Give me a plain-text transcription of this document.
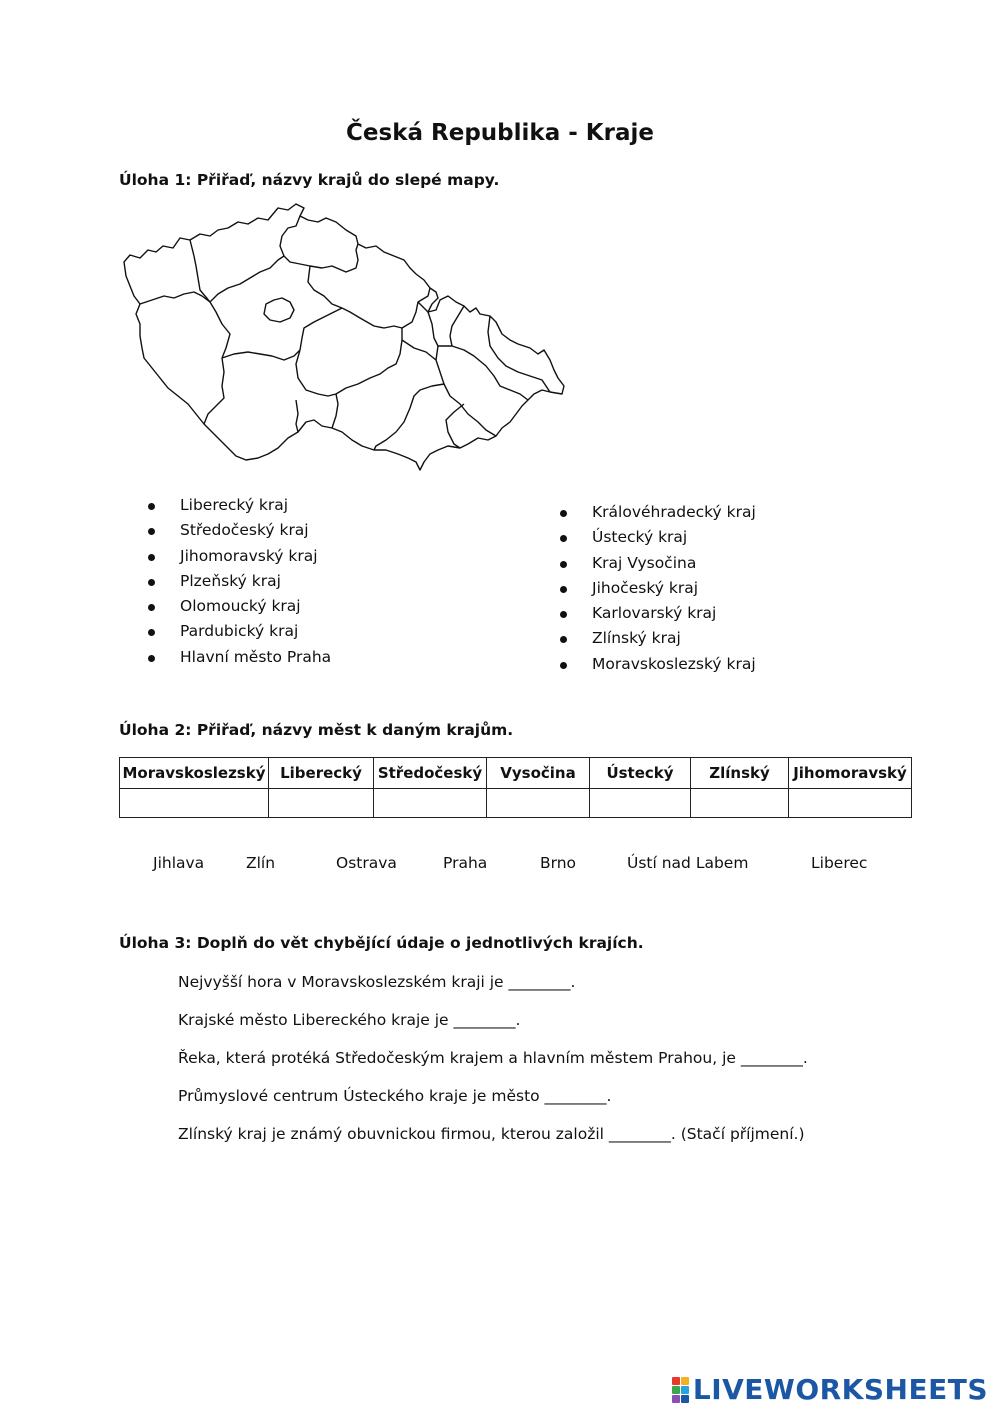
Česká Republika - Kraje
Úloha 1: Přiřaď, názvy krajů do slepé mapy.
Liberecký kraj
Středočeský kraj
Jihomoravský kraj
Plzeňský kraj
Olomoucký kraj
Pardubický kraj
Hlavní město Praha
Královéhradecký kraj
Ústecký kraj
Kraj Vysočina
Jihočeský kraj
Karlovarský kraj
Zlínský kraj
Moravskoslezský kraj
Úloha 2: Přiřaď, názvy měst k daným krajům.
Moravskoslezský	Liberecký	Středočeský	Vysočina	Ústecký	Zlínský	Jihomoravský

Jihlava	Zlín	Ostrava	Praha	Brno	Ústí nad Labem	Liberec
Úloha 3: Doplň do vět chybějící údaje o jednotlivých krajích.
Nejvyšší hora v Moravskoslezském kraji je ________.
Krajské město Libereckého kraje je ________.
Řeka, která protéká Středočeským krajem a hlavním městem Prahou, je ________.
Průmyslové centrum Ústeckého kraje je město ________.
Zlínský kraj je známý obuvnickou firmou, kterou založil ________. (Stačí příjmení.)
LIVEWORKSHEETS
